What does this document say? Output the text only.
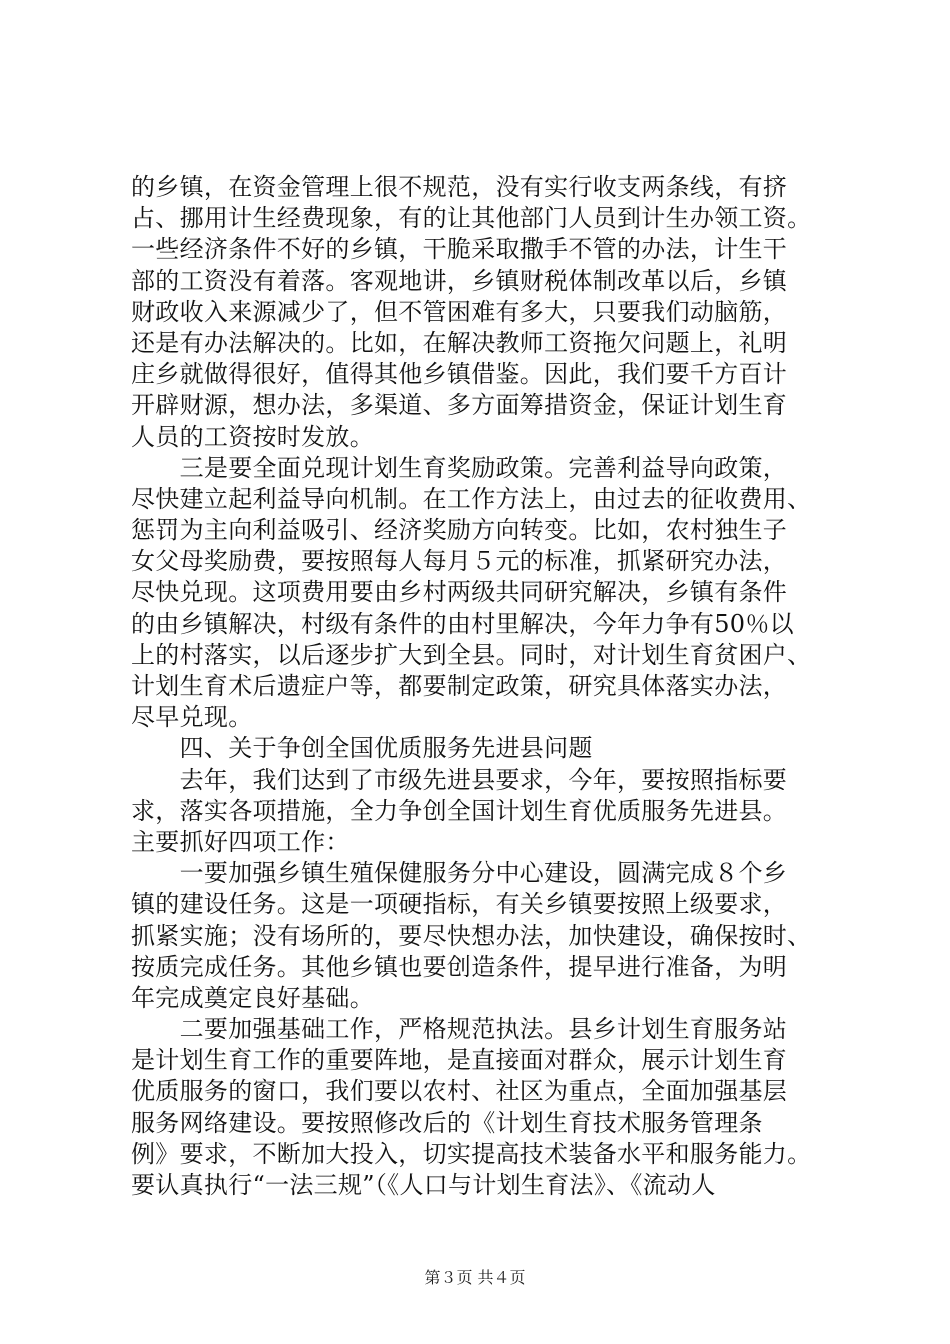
的乡镇，在资金管理上很不规范，没有实行收支两条线，有挤
占、挪用计生经费现象，有的让其他部门人员到计生办领工资。
一些经济条件不好的乡镇，干脆采取撒手不管的办法，计生干
部的工资没有着落。客观地讲，乡镇财税体制改革以后，乡镇
财政收入来源减少了，但不管困难有多大，只要我们动脑筋，
还是有办法解决的。比如，在解决教师工资拖欠问题上，礼明
庄乡就做得很好，值得其他乡镇借鉴。因此，我们要千方百计
开辟财源，想办法，多渠道、多方面筹措资金，保证计划生育
人员的工资按时发放。
　　三是要全面兑现计划生育奖励政策。完善利益导向政策，
尽快建立起利益导向机制。在工作方法上，由过去的征收费用、
惩罚为主向利益吸引、经济奖励方向转变。比如，农村独生子
女父母奖励费，要按照每人每月５元的标准，抓紧研究办法，
尽快兑现。这项费用要由乡村两级共同研究解决，乡镇有条件
的由乡镇解决，村级有条件的由村里解决，今年力争有50％以
上的村落实，以后逐步扩大到全县。同时，对计划生育贫困户、
计划生育术后遗症户等，都要制定政策，研究具体落实办法，
尽早兑现。
　　四、关于争创全国优质服务先进县问题
　　去年，我们达到了市级先进县要求，今年，要按照指标要
求，落实各项措施，全力争创全国计划生育优质服务先进县。
主要抓好四项工作：
　　一要加强乡镇生殖保健服务分中心建设，圆满完成８个乡
镇的建设任务。这是一项硬指标，有关乡镇要按照上级要求，
抓紧实施；没有场所的，要尽快想办法，加快建设，确保按时、
按质完成任务。其他乡镇也要创造条件，提早进行准备，为明
年完成奠定良好基础。
　　二要加强基础工作，严格规范执法。县乡计划生育服务站
是计划生育工作的重要阵地，是直接面对群众，展示计划生育
优质服务的窗口，我们要以农村、社区为重点，全面加强基层
服务网络建设。要按照修改后的《计划生育技术服务管理条
例》要求，不断加大投入，切实提高技术装备水平和服务能力。
要认真执行“一法三规”（《人口与计划生育法》、《流动人
第３页 共４页
